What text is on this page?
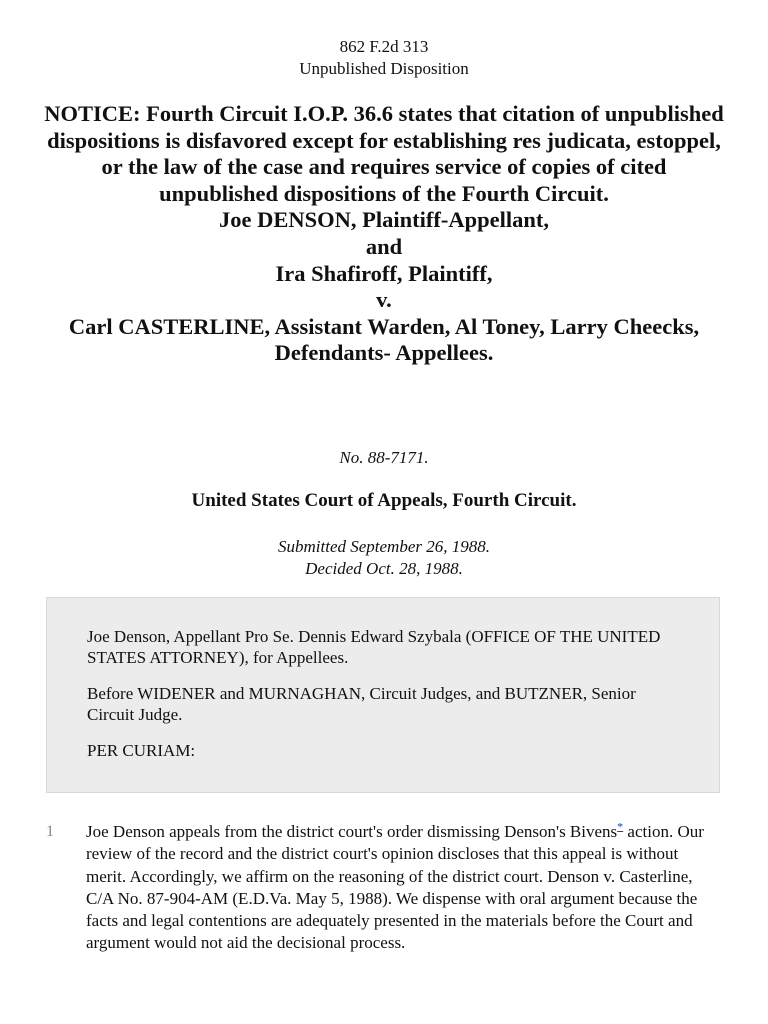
862 F.2d 313
Unpublished Disposition
NOTICE: Fourth Circuit I.O.P. 36.6 states that citation of unpublished dispositions is disfavored except for establishing res judicata, estoppel, or the law of the case and requires service of copies of cited unpublished dispositions of the Fourth Circuit.
Joe DENSON, Plaintiff-Appellant,
and
Ira Shafiroff, Plaintiff,
v.
Carl CASTERLINE, Assistant Warden, Al Toney, Larry Cheecks,
Defendants- Appellees.
No. 88-7171.
United States Court of Appeals, Fourth Circuit.
Submitted September 26, 1988.
Decided Oct. 28, 1988.

Joe Denson, Appellant Pro Se. Dennis Edward Szybala (OFFICE OF THE UNITED STATES ATTORNEY), for Appellees.

Before WIDENER and MURNAGHAN, Circuit Judges, and BUTZNER, Senior Circuit Judge.

PER CURIAM:

1 Joe Denson appeals from the district court's order dismissing Denson's Bivens* action. Our review of the record and the district court's opinion discloses that this appeal is without merit. Accordingly, we affirm on the reasoning of the district court. Denson v. Casterline, C/A No. 87-904-AM (E.D.Va. May 5, 1988). We dispense with oral argument because the facts and legal contentions are adequately presented in the materials before the Court and argument would not aid the decisional process.
